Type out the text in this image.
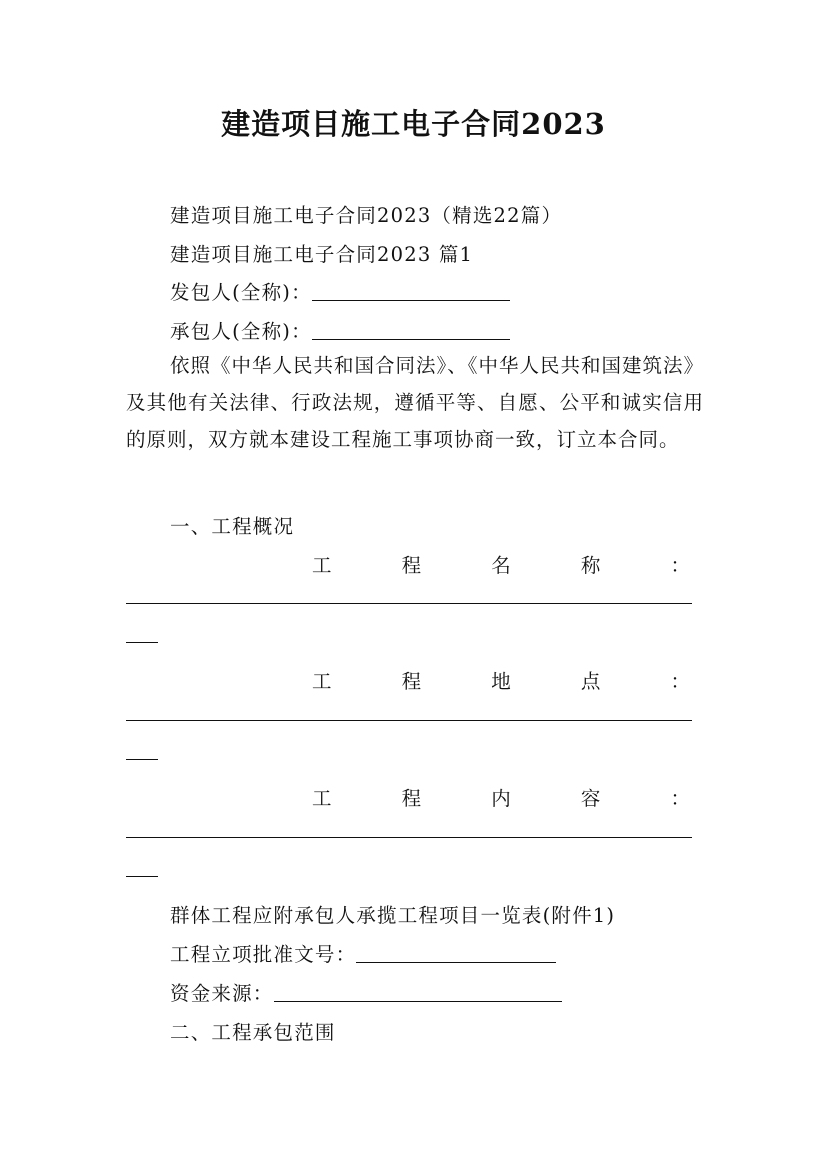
建造项目施工电子合同2023
建造项目施工电子合同2023（精选22篇）
建造项目施工电子合同2023 篇1
发包人(全称)：
承包人(全称)：
依照《中华人民共和国合同法》、《中华人民共和国建筑法》及其他有关法律、行政法规，遵循平等、自愿、公平和诚实信用的原则，双方就本建设工程施工事项协商一致，订立本合同。
一、工程概况
工	程	名	称	：
工	程	地	点	：
工	程	内	容	：
群体工程应附承包人承揽工程项目一览表(附件1)
工程立项批准文号：
资金来源：
二、工程承包范围
